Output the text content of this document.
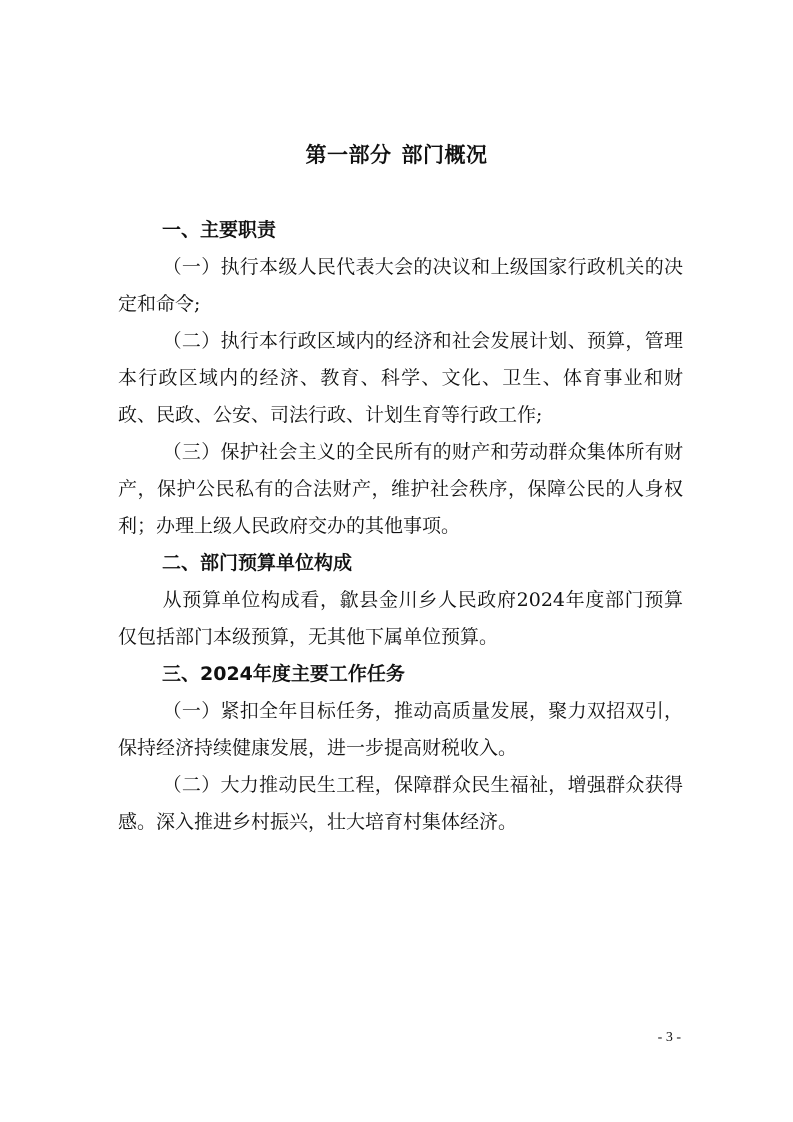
第一部分 部门概况
一、主要职责

（一）执行本级人民代表大会的决议和上级国家行政机关的决定和命令;

（二）执行本行政区域内的经济和社会发展计划、预算，管理本行政区域内的经济、教育、科学、文化、卫生、体育事业和财政、民政、公安、司法行政、计划生育等行政工作;

（三）保护社会主义的全民所有的财产和劳动群众集体所有财产，保护公民私有的合法财产，维护社会秩序，保障公民的人身权利；办理上级人民政府交办的其他事项。

二、部门预算单位构成

从预算单位构成看，歙县金川乡人民政府2024年度部门预算仅包括部门本级预算，无其他下属单位预算。

三、2024年度主要工作任务

（一）紧扣全年目标任务，推动高质量发展，聚力双招双引，保持经济持续健康发展，进一步提高财税收入。

（二）大力推动民生工程，保障群众民生福祉，增强群众获得感。深入推进乡村振兴，壮大培育村集体经济。

- 3 -
